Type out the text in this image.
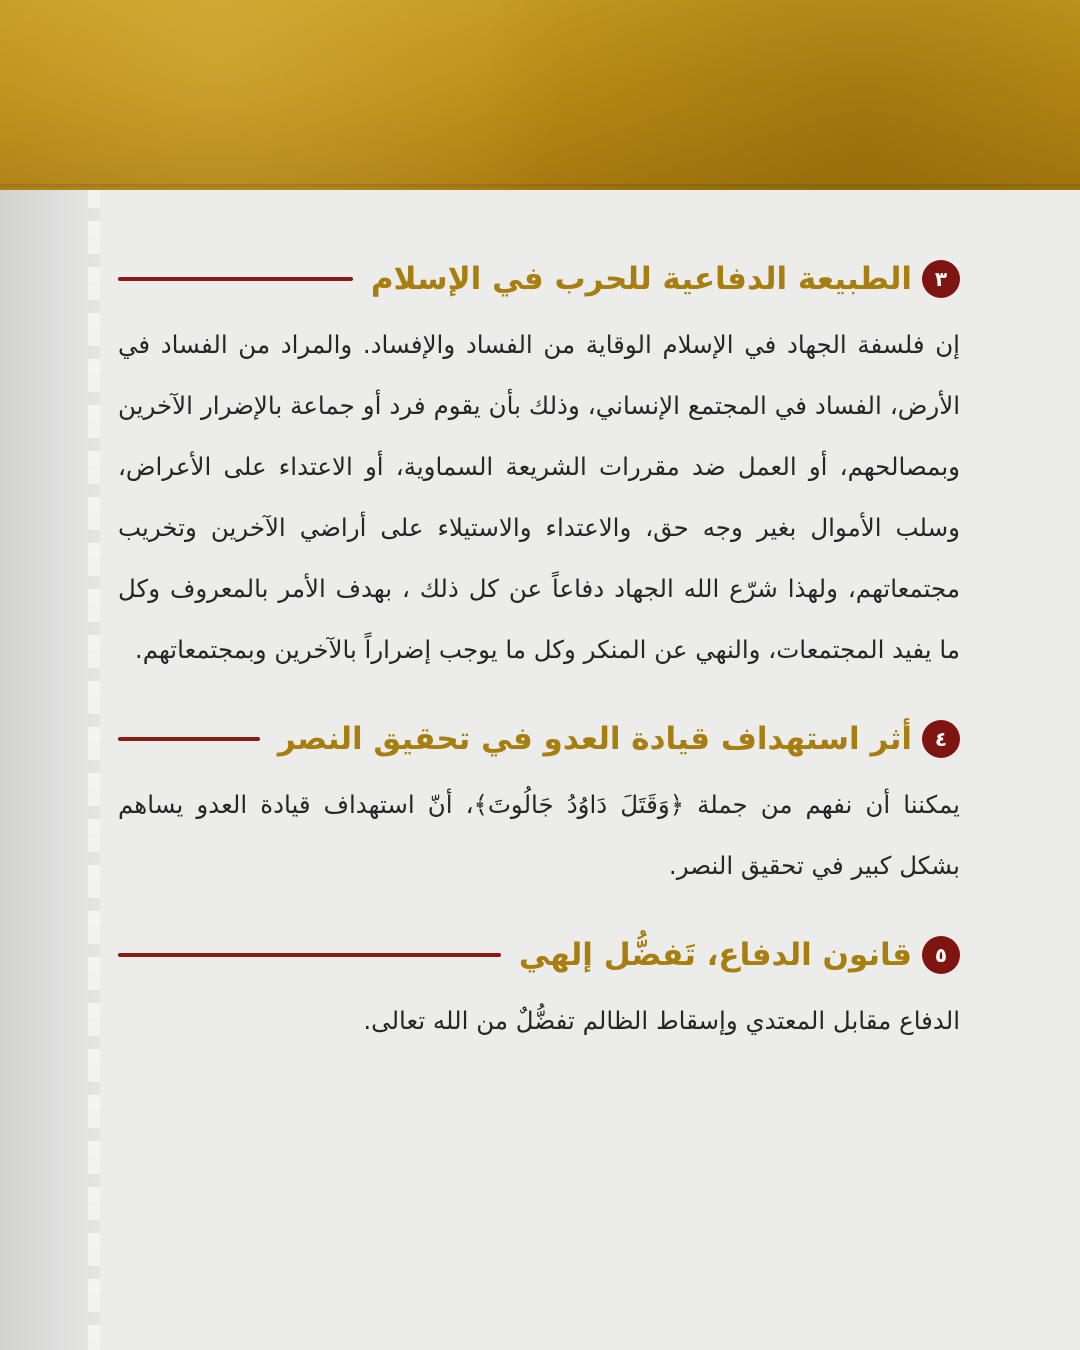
٣
الطبيعة الدفاعية للحرب في الإسلام

إن فلسفة الجهاد في الإسلام الوقاية من الفساد والإفساد. والمراد من الفساد في الأرض، الفساد في المجتمع الإنساني، وذلك بأن يقوم فرد أو جماعة بالإضرار الآخرين وبمصالحهم، أو العمل ضد مقررات الشريعة السماوية، أو الاعتداء على الأعراض، وسلب الأموال بغير وجه حق، والاعتداء والاستيلاء على أراضي الآخرين وتخريب مجتمعاتهم، ولهذا شرّع الله الجهاد دفاعاً عن كل ذلك ، بهدف الأمر بالمعروف وكل ما يفيد المجتمعات، والنهي عن المنكر وكل ما يوجب إضراراً بالآخرين وبمجتمعاتهم.

٤
أثر استهداف قيادة العدو في تحقيق النصر

يمكننا أن نفهم من جملة ﴿وَقَتَلَ دَاوُدُ جَالُوتَ﴾، أنّ استهداف قيادة العدو يساهم بشكل كبير في تحقيق النصر.

٥
قانون الدفاع، تَفضُّل إلهي

الدفاع مقابل المعتدي وإسقاط الظالم تفضُّلٌ من الله تعالى.
